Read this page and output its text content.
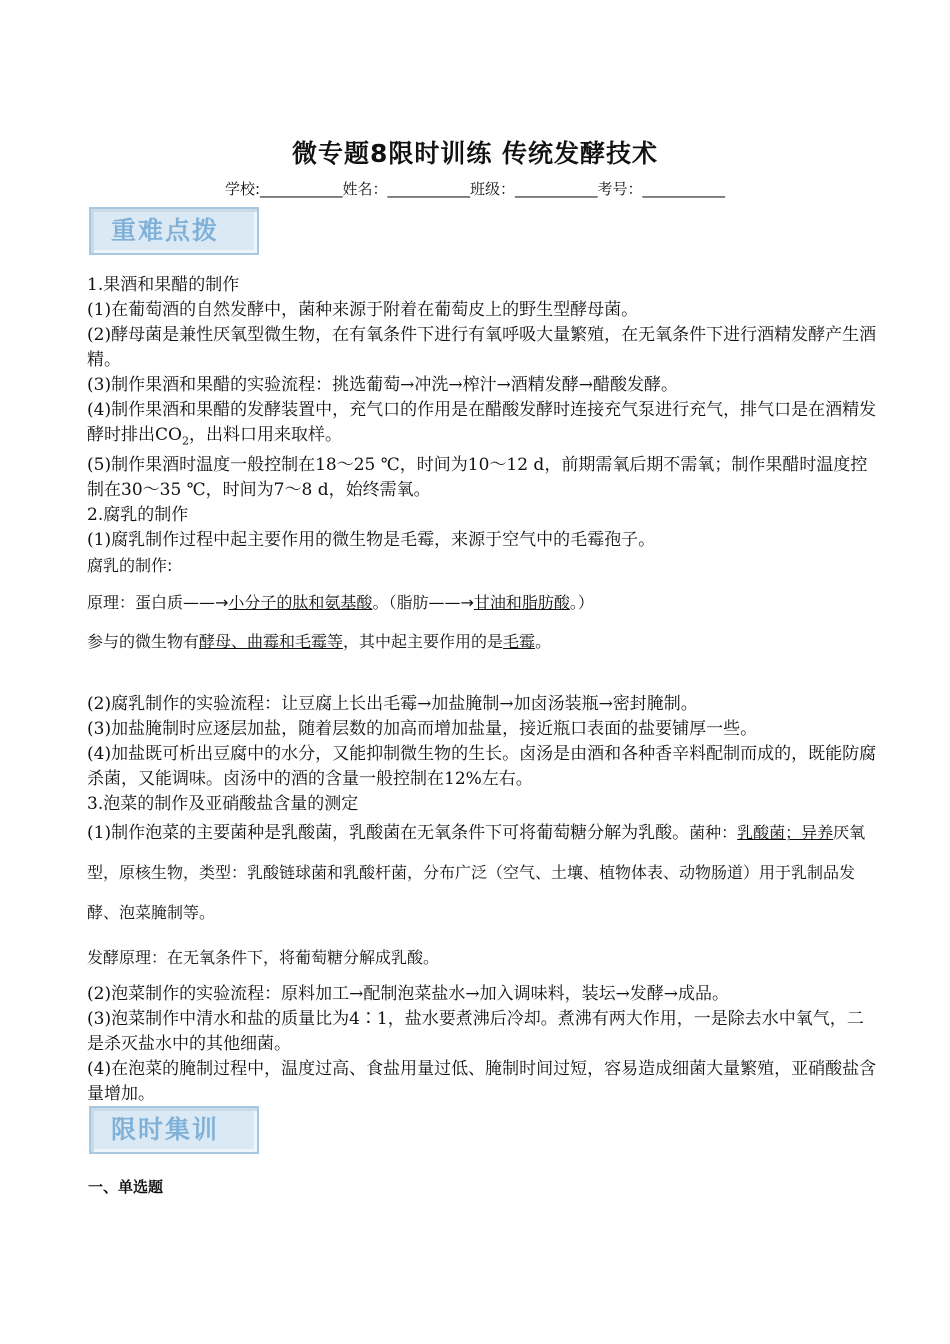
微专题8限时训练 传统发酵技术
学校:___________姓名：___________班级：___________考号：___________
重难点拨

1.果酒和果醋的制作

(1)在葡萄酒的自然发酵中，菌种来源于附着在葡萄皮上的野生型酵母菌。

(2)酵母菌是兼性厌氧型微生物，在有氧条件下进行有氧呼吸大量繁殖，在无氧条件下进行酒精发酵产生酒精。

(3)制作果酒和果醋的实验流程：挑选葡萄→冲洗→榨汁→酒精发酵→醋酸发酵。

(4)制作果酒和果醋的发酵装置中，充气口的作用是在醋酸发酵时连接充气泵进行充气，排气口是在酒精发酵时排出$CO_2$，出料口用来取样。

(5)制作果酒时温度一般控制在18～25 ℃，时间为10～12 d，前期需氧后期不需氧；制作果醋时温度控制在30～35 ℃，时间为7～8 d，始终需氧。

2.腐乳的制作

(1)腐乳制作过程中起主要作用的微生物是毛霉，来源于空气中的毛霉孢子。

腐乳的制作:

原理：蛋白质——→小分子的肽和氨基酸。（脂肪——→甘油和脂肪酸。）

参与的微生物有酵母、曲霉和毛霉等，其中起主要作用的是毛霉。

(2)腐乳制作的实验流程：让豆腐上长出毛霉→加盐腌制→加卤汤装瓶→密封腌制。

(3)加盐腌制时应逐层加盐，随着层数的加高而增加盐量，接近瓶口表面的盐要铺厚一些。

(4)加盐既可析出豆腐中的水分，又能抑制微生物的生长。卤汤是由酒和各种香辛料配制而成的，既能防腐杀菌，又能调味。卤汤中的酒的含量一般控制在12%左右。

3.泡菜的制作及亚硝酸盐含量的测定

(1)制作泡菜的主要菌种是乳酸菌，乳酸菌在无氧条件下可将葡萄糖分解为乳酸。菌种：乳酸菌；异养厌氧型，原核生物，类型：乳酸链球菌和乳酸杆菌，分布广泛（空气、土壤、植物体表、动物肠道）用于乳制品发酵、泡菜腌制等。

发酵原理：在无氧条件下，将葡萄糖分解成乳酸。

(2)泡菜制作的实验流程：原料加工→配制泡菜盐水→加入调味料，装坛→发酵→成品。

(3)泡菜制作中清水和盐的质量比为4∶1，盐水要煮沸后冷却。煮沸有两大作用，一是除去水中氧气，二是杀灭盐水中的其他细菌。

(4)在泡菜的腌制过程中，温度过高、食盐用量过低、腌制时间过短，容易造成细菌大量繁殖，亚硝酸盐含量增加。

限时集训
一、单选题
